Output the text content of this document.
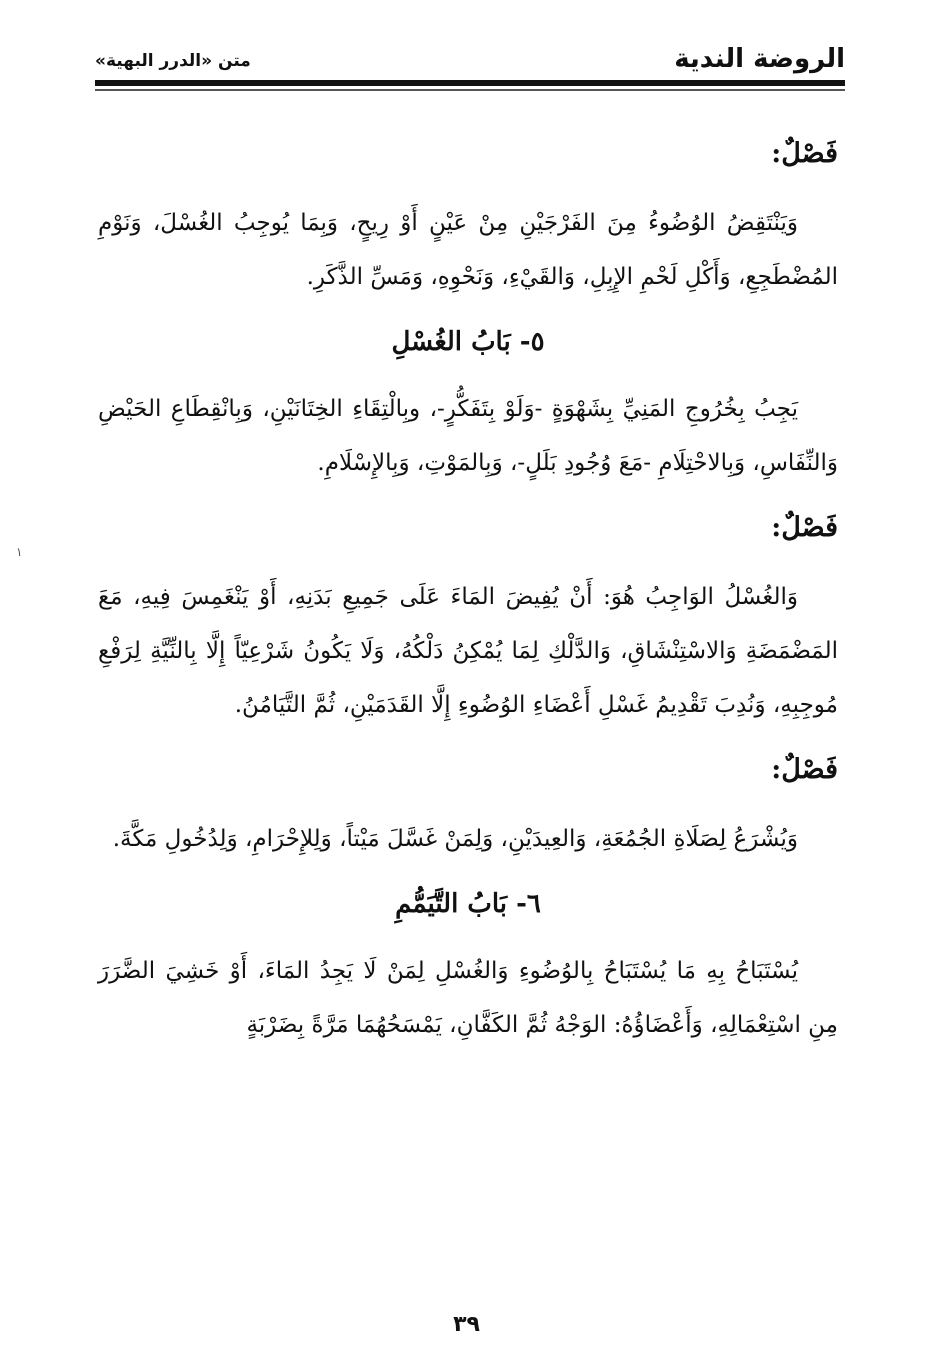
الروضة الندية
متن «الدرر البهية»
فَصْلٌ:

وَيَنْتَقِضُ الوُضُوءُ مِنَ الفَرْجَيْنِ مِنْ عَيْنٍ أَوْ رِيحٍ، وَبِمَا يُوجِبُ الغُسْلَ، وَنَوْمِ المُضْطَجِعِ، وَأَكْلِ لَحْمِ الإِبِلِ، وَالقَيْءِ، وَنَحْوِهِ، وَمَسِّ الذَّكَرِ.

٥- بَابُ الغُسْلِ

يَجِبُ بِخُرُوجِ المَنِيِّ بِشَهْوَةٍ -وَلَوْ بِتَفَكُّرٍ-، وبِالْتِقَاءِ الخِتَانَيْنِ، وَبِانْقِطَاعِ الحَيْضِ وَالنِّفَاسِ، وَبِالاحْتِلَامِ -مَعَ وُجُودِ بَلَلٍ-، وَبِالمَوْتِ، وَبِالإِسْلَامِ.

فَصْلٌ:

وَالغُسْلُ الوَاجِبُ هُوَ: أَنْ يُفِيضَ المَاءَ عَلَى جَمِيعِ بَدَنِهِ، أَوْ يَنْغَمِسَ فِيهِ، مَعَ المَضْمَضَةِ وَالاسْتِنْشَاقِ، وَالدَّلْكِ لِمَا يُمْكِنُ دَلْكُهُ، وَلَا يَكُونُ شَرْعِيّاً إِلَّا بِالنِّيَّةِ لِرَفْعِ مُوجِبِهِ، وَنُدِبَ تَقْدِيمُ غَسْلِ أَعْضَاءِ الوُضُوءِ إِلَّا القَدَمَيْنِ، ثُمَّ التَّيَامُنُ.

فَصْلٌ:

وَيُشْرَعُ لِصَلَاةِ الجُمُعَةِ، وَالعِيدَيْنِ، وَلِمَنْ غَسَّلَ مَيْتاً، وَلِلإِحْرَامِ، وَلِدُخُولِ مَكَّةَ.

٦- بَابُ التَّيَمُّمِ

يُسْتَبَاحُ بِهِ مَا يُسْتَبَاحُ بِالوُضُوءِ وَالغُسْلِ لِمَنْ لَا يَجِدُ المَاءَ، أَوْ خَشِيَ الضَّرَرَ مِنِ اسْتِعْمَالِهِ، وَأَعْضَاؤُهُ: الوَجْهُ ثُمَّ الكَفَّانِ، يَمْسَحُهُمَا مَرَّةً بِضَرْبَةٍ

١
٣٩
